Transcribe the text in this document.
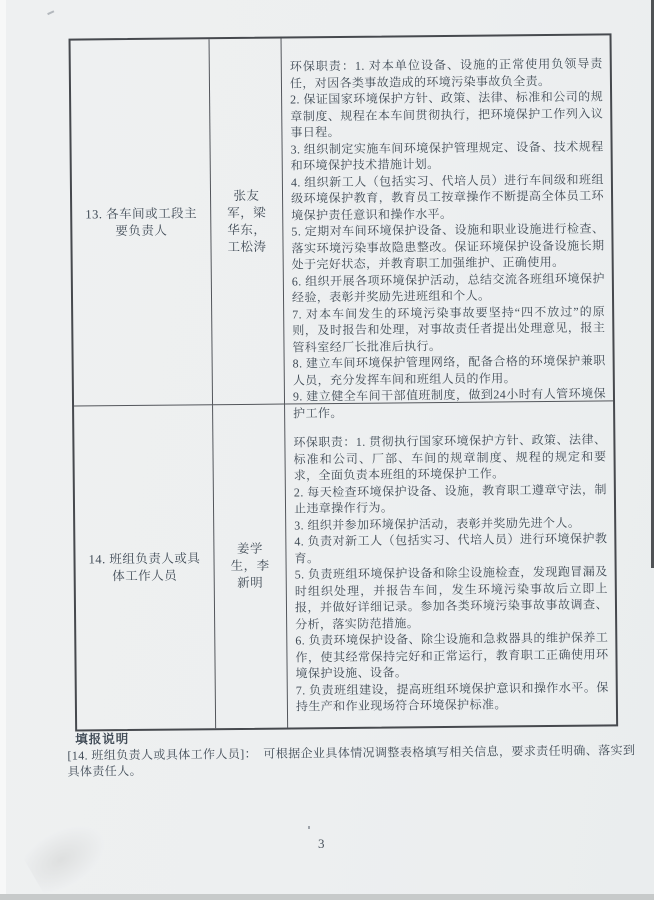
13. 各车间或工段主要负责人

张友军，梁华东，工松涛

环保职责：1. 对本单位设备、设施的正常使用负领导责任，对因各类事故造成的环境污染事故负全责。

2. 保证国家环境保护方针、政策、法律、标准和公司的规章制度、规程在本车间贯彻执行，把环境保护工作列入议事日程。

3. 组织制定实施车间环境保护管理规定、设备、技术规程和环境保护技术措施计划。

4. 组织新工人（包括实习、代培人员）进行车间级和班组级环境保护教育，教育员工按章操作不断提高全体员工环境保护责任意识和操作水平。

5. 定期对车间环境保护设备、设施和职业设施进行检查、落实环境污染事故隐患整改。保证环境保护设备设施长期处于完好状态，并教育职工加强维护、正确使用。

6. 组织开展各项环境保护活动，总结交流各班组环境保护经验，表彰并奖励先进班组和个人。

7. 对本车间发生的环境污染事故要坚持“四不放过”的原则，及时报告和处理，对事故责任者提出处理意见，报主管科室经厂长批准后执行。

8. 建立车间环境保护管理网络，配备合格的环境保护兼职人员，充分发挥车间和班组人员的作用。

9. 建立健全车间干部值班制度，做到24小时有人管环境保护工作。

14. 班组负责人或具体工作人员

姜学生，李新明

环保职责：1. 贯彻执行国家环境保护方针、政策、法律、标准和公司、厂部、车间的规章制度、规程的规定和要求，全面负责本班组的环境保护工作。

2. 每天检查环境保护设备、设施，教育职工遵章守法，制止违章操作行为。

3. 组织并参加环境保护活动，表彰并奖励先进个人。

4. 负责对新工人（包括实习、代培人员）进行环境保护教育。

5. 负责班组环境保护设备和除尘设施检查，发现跑冒漏及时组织处理，并报告车间，发生环境污染事故后立即上报，并做好详细记录。参加各类环境污染事故事故调查、分析，落实防范措施。

6. 负责环境保护设备、除尘设施和急救器具的维护保养工作，使其经常保持完好和正常运行，教育职工正确使用环境保护设施、设备。

7. 负责班组建设，提高班组环境保护意识和操作水平。保持生产和作业现场符合环境保护标准。

填报说明

[14. 班组负责人或具体工作人员]：　可根据企业具体情况调整表格填写相关信息，要求责任明确、落实到具体责任人。

3
